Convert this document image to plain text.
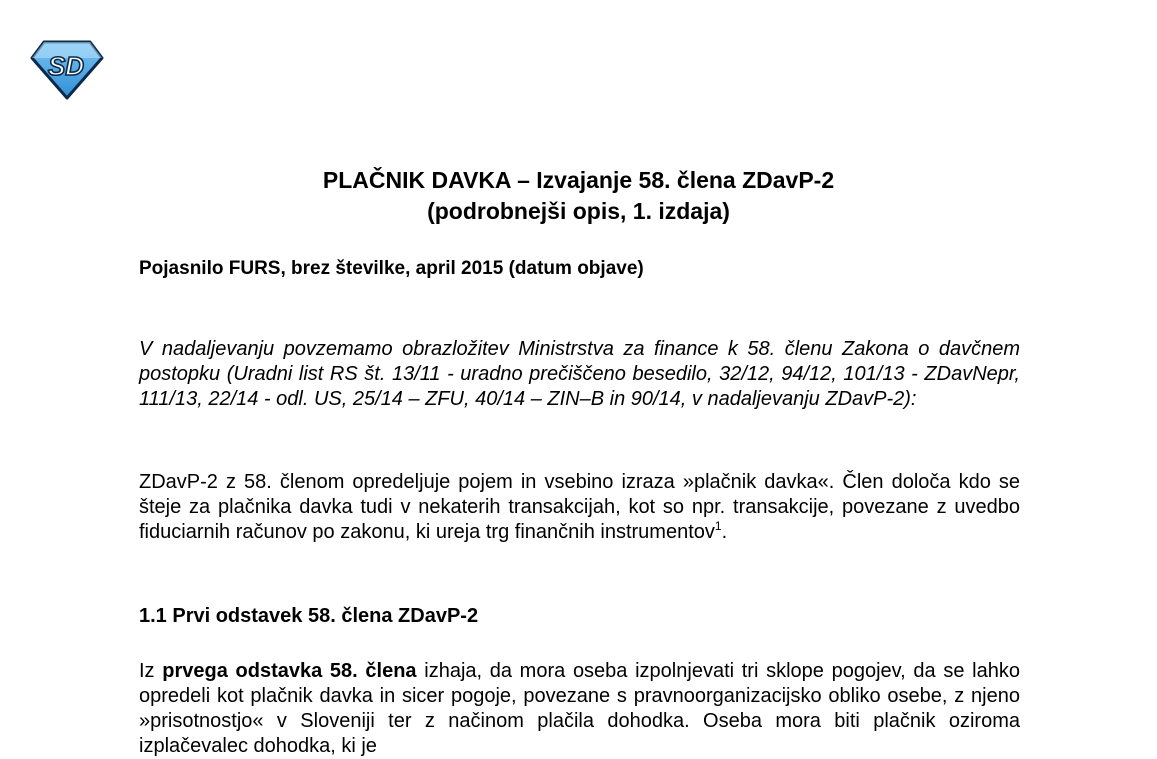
SD
PLAČNIK DAVKA – Izvajanje 58. člena ZDavP-2
(podrobnejši opis, 1. izdaja)
Pojasnilo FURS, brez številke, april 2015 (datum objave)

V nadaljevanju povzemamo obrazložitev Ministrstva za finance k 58. členu Zakona o davčnem postopku (Uradni list RS št. 13/11 - uradno prečiščeno besedilo, 32/12, 94/12, 101/13 - ZDavNepr, 111/13, 22/14 - odl. US, 25/14 – ZFU, 40/14 – ZIN–B in 90/14, v nadaljevanju ZDavP-2):

ZDavP-2 z 58. členom opredeljuje pojem in vsebino izraza »plačnik davka«. Člen določa kdo se šteje za plačnika davka tudi v nekaterih transakcijah, kot so npr. transakcije, povezane z uvedbo fiduciarnih računov po zakonu, ki ureja trg finančnih instrumentov$^1$.

1.1 Prvi odstavek 58. člena ZDavP-2

Iz prvega odstavka 58. člena izhaja, da mora oseba izpolnjevati tri sklope pogojev, da se lahko opredeli kot plačnik davka in sicer pogoje, povezane s pravnoorganizacijsko obliko osebe, z njeno »prisotnostjo« v Sloveniji ter z načinom plačila dohodka. Oseba mora biti plačnik oziroma izplačevalec dohodka, ki je
